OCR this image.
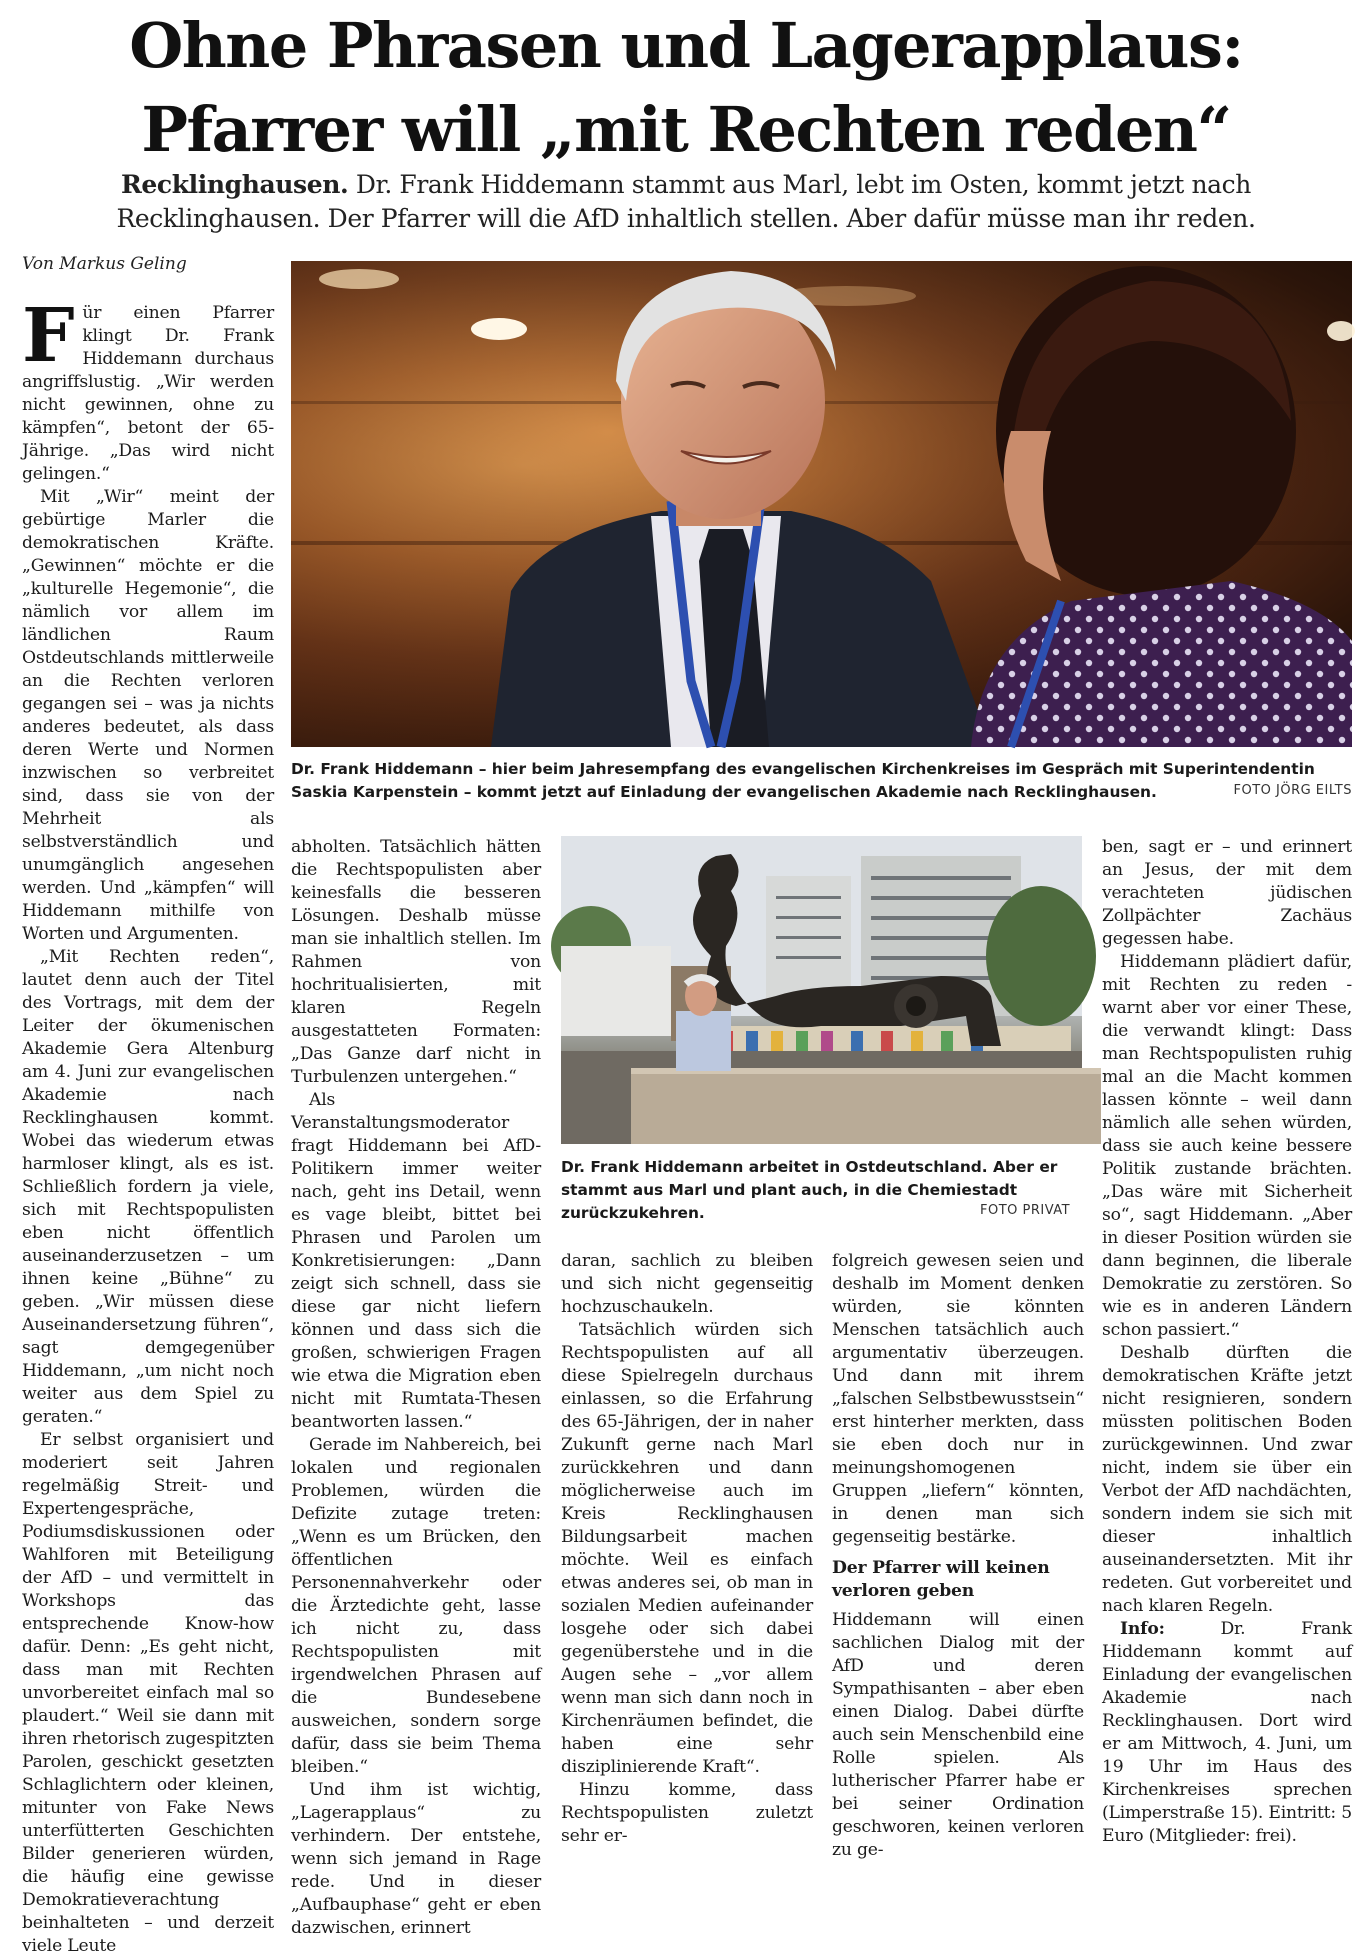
Ohne Phrasen und Lagerapplaus:
Pfarrer will „mit Rechten reden“
Recklinghausen. Dr. Frank Hiddemann stammt aus Marl, lebt im Osten, kommt jetzt nach
Recklinghausen. Der Pfarrer will die AfD inhaltlich stellen. Aber dafür müsse man ihr reden.
Von Markus Geling
Dr. Frank Hiddemann – hier beim Jahresempfang des evangelischen Kirchenkreises im Gespräch mit Superintendentin Saskia Karpenstein – kommt jetzt auf Einladung der evangelischen Akademie nach Recklinghausen.	FOTO JÖRG EILTS
Dr. Frank Hiddemann arbeitet in Ostdeutschland. Aber er stammt aus Marl und plant auch, in die Chemiestadt zurückzukehren.	FOTO PRIVAT

Für einen Pfarrer klingt Dr. Frank Hiddemann durchaus angriffslustig. „Wir werden nicht gewinnen, ohne zu kämpfen“, betont der 65-Jährige. „Das wird nicht gelingen.“

Mit „Wir“ meint der gebürtige Marler die demokratischen Kräfte. „Gewinnen“ möchte er die „kulturelle Hegemonie“, die nämlich vor allem im ländlichen Raum Ostdeutschlands mittlerweile an die Rechten verloren gegangen sei – was ja nichts anderes bedeutet, als dass deren Werte und Normen inzwischen so verbreitet sind, dass sie von der Mehrheit als selbstverständlich und unumgänglich angesehen werden. Und „kämpfen“ will Hiddemann mithilfe von Worten und Argumenten.

„Mit Rechten reden“, lautet denn auch der Titel des Vortrags, mit dem der Leiter der ökumenischen Akademie Gera Altenburg am 4. Juni zur evangelischen Akademie nach Recklinghausen kommt. Wobei das wiederum etwas harmloser klingt, als es ist. Schließlich fordern ja viele, sich mit Rechtspopulisten eben nicht öffentlich auseinanderzusetzen – um ihnen keine „Bühne“ zu geben. „Wir müssen diese Auseinandersetzung führen“, sagt demgegenüber Hiddemann, „um nicht noch weiter aus dem Spiel zu geraten.“

Er selbst organisiert und moderiert seit Jahren regelmäßig Streit- und Expertengespräche, Podiumsdiskussionen oder Wahlforen mit Beteiligung der AfD – und vermittelt in Workshops das entsprechende Know-how dafür. Denn: „Es geht nicht, dass man mit Rechten unvorbereitet einfach mal so plaudert.“ Weil sie dann mit ihren rhetorisch zugespitzten Parolen, geschickt gesetzten Schlaglichtern oder kleinen, mitunter von Fake News unterfütterten Geschichten Bilder generieren würden, die häufig eine gewisse Demokratieverachtung beinhalteten – und derzeit viele Leute

abholten. Tatsächlich hätten die Rechtspopulisten aber keinesfalls die besseren Lösungen. Deshalb müsse man sie inhaltlich stellen. Im Rahmen von hochritualisierten, mit klaren Regeln ausgestatteten Formaten: „Das Ganze darf nicht in Turbulenzen untergehen.“

Als Veranstaltungsmoderator fragt Hiddemann bei AfD-Politikern immer weiter nach, geht ins Detail, wenn es vage bleibt, bittet bei Phrasen und Parolen um Konkretisierungen: „Dann zeigt sich schnell, dass sie diese gar nicht liefern können und dass sich die großen, schwierigen Fragen wie etwa die Migration eben nicht mit Rumtata-Thesen beantworten lassen.“

Gerade im Nahbereich, bei lokalen und regionalen Problemen, würden die Defizite zutage treten: „Wenn es um Brücken, den öffentlichen Personennahverkehr oder die Ärztedichte geht, lasse ich nicht zu, dass Rechtspopulisten mit irgendwelchen Phrasen auf die Bundesebene ausweichen, sondern sorge dafür, dass sie beim Thema bleiben.“

Und ihm ist wichtig, „Lagerapplaus“ zu verhindern. Der entstehe, wenn sich jemand in Rage rede. Und in dieser „Aufbauphase“ geht er eben dazwischen, erinnert

daran, sachlich zu bleiben und sich nicht gegenseitig hochzuschaukeln.

Tatsächlich würden sich Rechtspopulisten auf all diese Spielregeln durchaus einlassen, so die Erfahrung des 65-Jährigen, der in naher Zukunft gerne nach Marl zurückkehren und dann möglicherweise auch im Kreis Recklinghausen Bildungsarbeit machen möchte. Weil es einfach etwas anderes sei, ob man in sozialen Medien aufeinander losgehe oder sich dabei gegenüberstehe und in die Augen sehe – „vor allem wenn man sich dann noch in Kirchenräumen befindet, die haben eine sehr disziplinierende Kraft“.

Hinzu komme, dass Rechtspopulisten zuletzt sehr er-

folgreich gewesen seien und deshalb im Moment denken würden, sie könnten Menschen tatsächlich auch argumentativ überzeugen. Und dann mit ihrem „falschen Selbstbewusstsein“ erst hinterher merkten, dass sie eben doch nur in meinungshomogenen Gruppen „liefern“ könnten, in denen man sich gegenseitig bestärke.

Der Pfarrer will keinen verloren geben

Hiddemann will einen sachlichen Dialog mit der AfD und deren Sympathisanten – aber eben einen Dialog. Dabei dürfte auch sein Menschenbild eine Rolle spielen. Als lutherischer Pfarrer habe er bei seiner Ordination geschworen, keinen verloren zu ge-

ben, sagt er – und erinnert an Jesus, der mit dem verachteten jüdischen Zollpächter Zachäus gegessen habe.

Hiddemann plädiert dafür, mit Rechten zu reden - warnt aber vor einer These, die verwandt klingt: Dass man Rechtspopulisten ruhig mal an die Macht kommen lassen könnte – weil dann nämlich alle sehen würden, dass sie auch keine bessere Politik zustande brächten. „Das wäre mit Sicherheit so“, sagt Hiddemann. „Aber in dieser Position würden sie dann beginnen, die liberale Demokratie zu zerstören. So wie es in anderen Ländern schon passiert.“

Deshalb dürften die demokratischen Kräfte jetzt nicht resignieren, sondern müssten politischen Boden zurückgewinnen. Und zwar nicht, indem sie über ein Verbot der AfD nachdächten, sondern indem sie sich mit dieser inhaltlich auseinandersetzten. Mit ihr redeten. Gut vorbereitet und nach klaren Regeln.

Info: Dr. Frank Hiddemann kommt auf Einladung der evangelischen Akademie nach Recklinghausen. Dort wird er am Mittwoch, 4. Juni, um 19 Uhr im Haus des Kirchenkreises sprechen (Limperstraße 15). Eintritt: 5 Euro (Mitglieder: frei).
